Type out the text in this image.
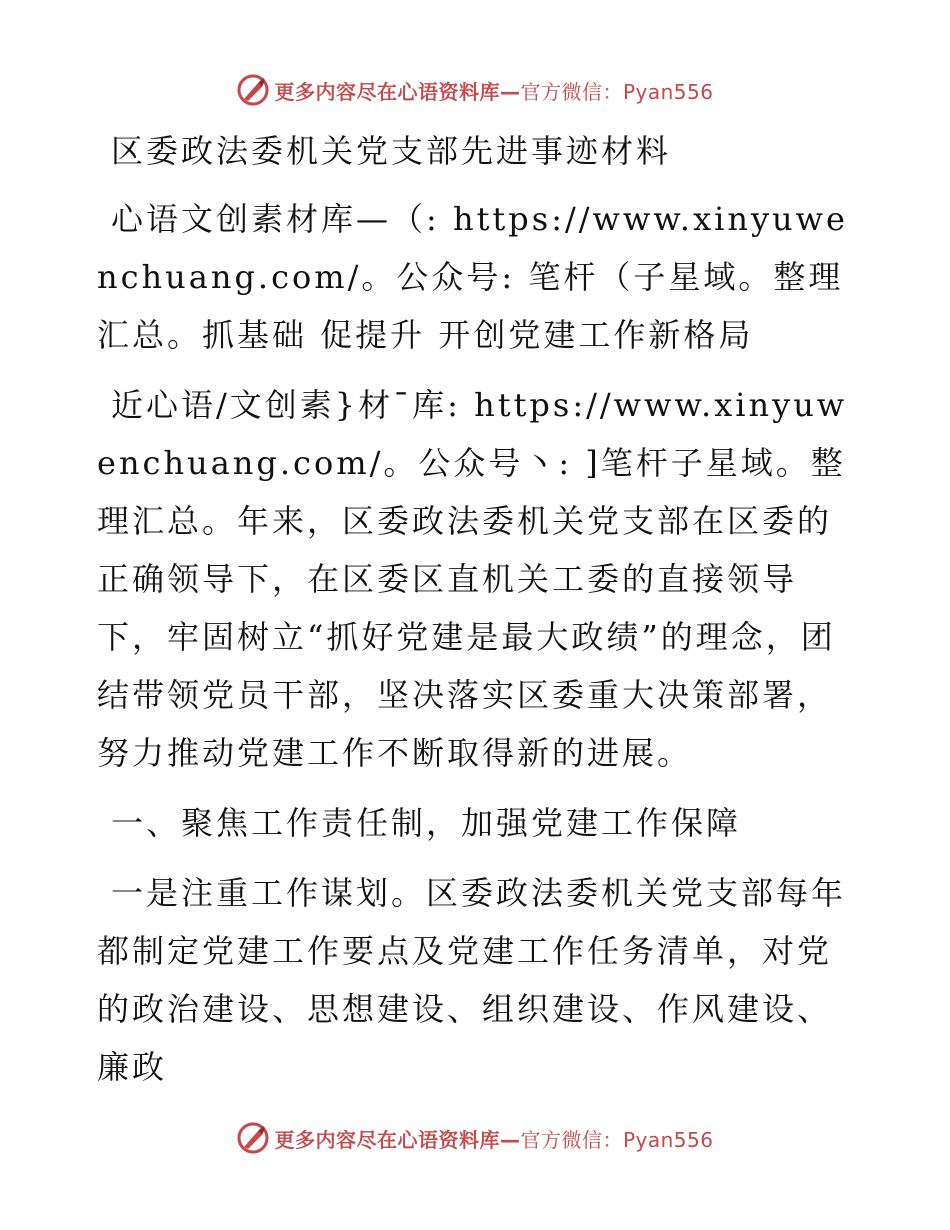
更多内容尽在心语资料库—官方微信：Pyan556
区委政法委机关党支部先进事迹材料
心语文创素材库—（: https://www.xinyuwenchuang.com/。公众号: 笔杆（子星域。整理汇总。抓基础 促提升 开创党建工作新格局
近心语/文创素}材¯库: https://www.xinyuwenchuang.com/。公众号丶: ]笔杆子星域。整理汇总。年来，区委政法委机关党支部在区委的正确领导下，在区委区直机关工委的直接领导下，牢固树立“抓好党建是最大政绩”的理念，团结带领党员干部，坚决落实区委重大决策部署，努力推动党建工作不断取得新的进展。
一、聚焦工作责任制，加强党建工作保障
一是注重工作谋划。区委政法委机关党支部每年都制定党建工作要点及党建工作任务清单，对党的政治建设、思想建设、组织建设、作风建设、廉政
更多内容尽在心语资料库—官方微信：Pyan556
